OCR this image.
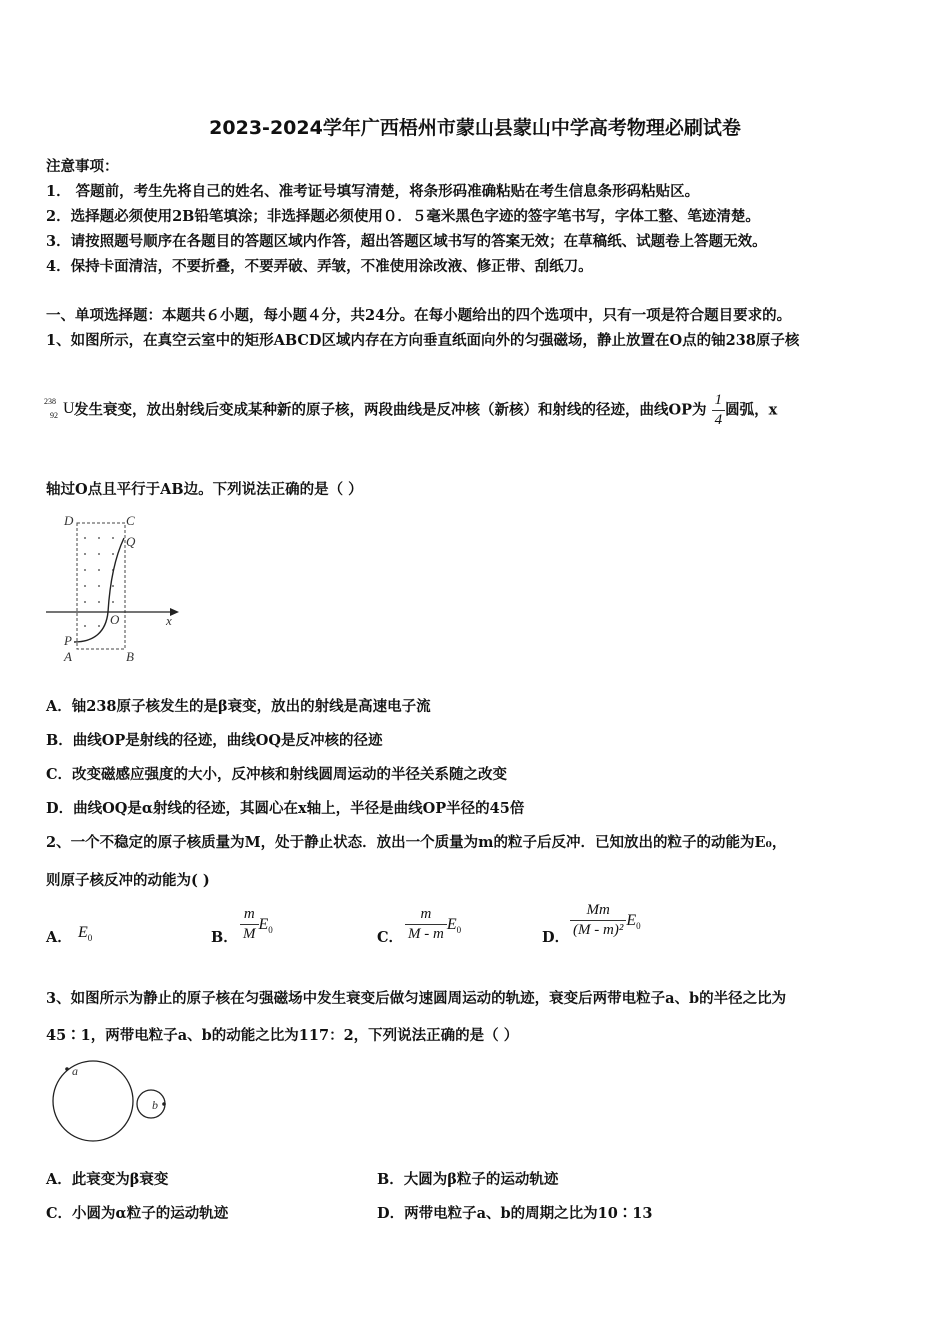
2023-2024学年广西梧州市蒙山县蒙山中学高考物理必刷试卷
注意事项：
1． 答题前，考生先将自己的姓名、准考证号填写清楚，将条形码准确粘贴在考生信息条形码粘贴区。
2．选择题必须使用2B铅笔填涂；非选择题必须使用０．５毫米黑色字迹的签字笔书写，字体工整、笔迹清楚。
3．请按照题号顺序在各题目的答题区域内作答，超出答题区域书写的答案无效；在草稿纸、试题卷上答题无效。
4．保持卡面清洁，不要折叠，不要弄破、弄皱，不准使用涂改液、修正带、刮纸刀。
一、单项选择题：本题共６小题，每小题４分，共24分。在每小题给出的四个选项中，只有一项是符合题目要求的。
1、如图所示，在真空云室中的矩形ABCD区域内存在方向垂直纸面向外的匀强磁场，静止放置在O点的铀238原子核
238
92 U 发生衰变，放出射线后变成某种新的原子核，两段曲线是反冲核（新核）和射线的径迹，曲线OP为 $\frac{1}{4}$ 圆弧，x
轴过O点且平行于AB边。下列说法正确的是（ ）
D	C
Q
O	x
P
A	B
A．铀238原子核发生的是β衰变，放出的射线是高速电子流
B．曲线OP是射线的径迹，曲线OQ是反冲核的径迹
C．改变磁感应强度的大小，反冲核和射线圆周运动的半径关系随之改变
D．曲线OQ是α射线的径迹，其圆心在x轴上，半径是曲线OP半径的45倍
2、一个不稳定的原子核质量为M，处于静止状态．放出一个质量为m的粒子后反冲．已知放出的粒子的动能为E₀，
则原子核反冲的动能为( )
A． $E_0$	B． $\frac{m}{M} E_0$	C． $\frac{m}{M - m} E_0$	D． $\frac{Mm}{\text{(M - m)²}} E_0$
3、如图所示为静止的原子核在匀强磁场中发生衰变后做匀速圆周运动的轨迹，衰变后两带电粒子a、b的半径之比为
45∶1，两带电粒子a、b的动能之比为117：2，下列说法正确的是（ ）
a
b
A．此衰变为β衰变	B．大圆为β粒子的运动轨迹
C．小圆为α粒子的运动轨迹	D．两带电粒子a、b的周期之比为10∶13
